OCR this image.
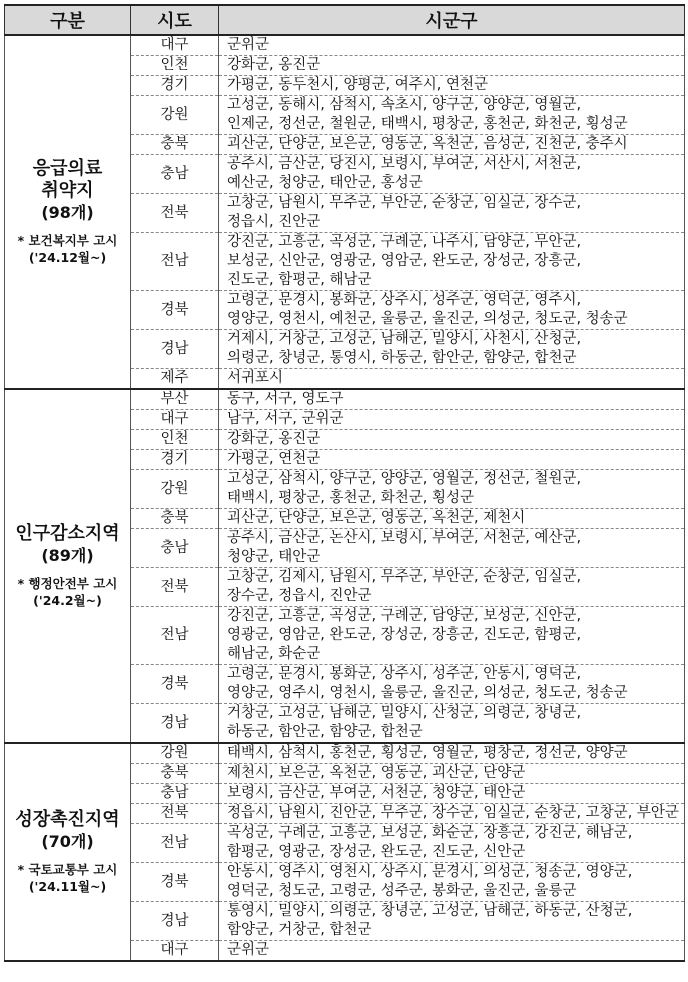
구분	시도	시군구

응급의료
취약지
(98개)
* 보건복지부 고시
('24.12월~)	대구	군위군
	인천	강화군, 옹진군
	경기	가평군, 동두천시, 양평군, 여주시, 연천군
	강원	고성군, 동해시, 삼척시, 속초시, 양구군, 양양군, 영월군,
인제군, 정선군, 철원군, 태백시, 평창군, 홍천군, 화천군, 횡성군
	충북	괴산군, 단양군, 보은군, 영동군, 옥천군, 음성군, 진천군, 충주시
	충남	공주시, 금산군, 당진시, 보령시, 부여군, 서산시, 서천군,
예산군, 청양군, 태안군, 홍성군
	전북	고창군, 남원시, 무주군, 부안군, 순창군, 임실군, 장수군,
정읍시, 진안군
	전남	강진군, 고흥군, 곡성군, 구례군, 나주시, 담양군, 무안군,
보성군, 신안군, 영광군, 영암군, 완도군, 장성군, 장흥군,
진도군, 함평군, 해남군
	경북	고령군, 문경시, 봉화군, 상주시, 성주군, 영덕군, 영주시,
영양군, 영천시, 예천군, 울릉군, 울진군, 의성군, 청도군, 청송군
	경남	거제시, 거창군, 고성군, 남해군, 밀양시, 사천시, 산청군,
의령군, 창녕군, 통영시, 하동군, 함안군, 함양군, 합천군
	제주	서귀포시

인구감소지역
(89개)
* 행정안전부 고시
('24.2월~)	부산	동구, 서구, 영도구
	대구	남구, 서구, 군위군
	인천	강화군, 옹진군
	경기	가평군, 연천군
	강원	고성군, 삼척시, 양구군, 양양군, 영월군, 정선군, 철원군,
태백시, 평창군, 홍천군, 화천군, 횡성군
	충북	괴산군, 단양군, 보은군, 영동군, 옥천군, 제천시
	충남	공주시, 금산군, 논산시, 보령시, 부여군, 서천군, 예산군,
청양군, 태안군
	전북	고창군, 김제시, 남원시, 무주군, 부안군, 순창군, 임실군,
장수군, 정읍시, 진안군
	전남	강진군, 고흥군, 곡성군, 구례군, 담양군, 보성군, 신안군,
영광군, 영암군, 완도군, 장성군, 장흥군, 진도군, 함평군,
해남군, 화순군
	경북	고령군, 문경시, 봉화군, 상주시, 성주군, 안동시, 영덕군,
영양군, 영주시, 영천시, 울릉군, 울진군, 의성군, 청도군, 청송군
	경남	거창군, 고성군, 남해군, 밀양시, 산청군, 의령군, 창녕군,
하동군, 함안군, 함양군, 합천군

성장촉진지역
(70개)
* 국토교통부 고시
('24.11월~)	강원	태백시, 삼척시, 홍천군, 횡성군, 영월군, 평창군, 정선군, 양양군
	충북	제천시, 보은군, 옥천군, 영동군, 괴산군, 단양군
	충남	보령시, 금산군, 부여군, 서천군, 청양군, 태안군
	전북	정읍시, 남원시, 진안군, 무주군, 장수군, 임실군, 순창군, 고창군, 부안군
	전남	곡성군, 구례군, 고흥군, 보성군, 화순군, 장흥군, 강진군, 해남군,
함평군, 영광군, 장성군, 완도군, 진도군, 신안군
	경북	안동시, 영주시, 영천시, 상주시, 문경시, 의성군, 청송군, 영양군,
영덕군, 청도군, 고령군, 성주군, 봉화군, 울진군, 울릉군
	경남	통영시, 밀양시, 의령군, 창녕군, 고성군, 남해군, 하동군, 산청군,
함양군, 거창군, 합천군
	대구	군위군
